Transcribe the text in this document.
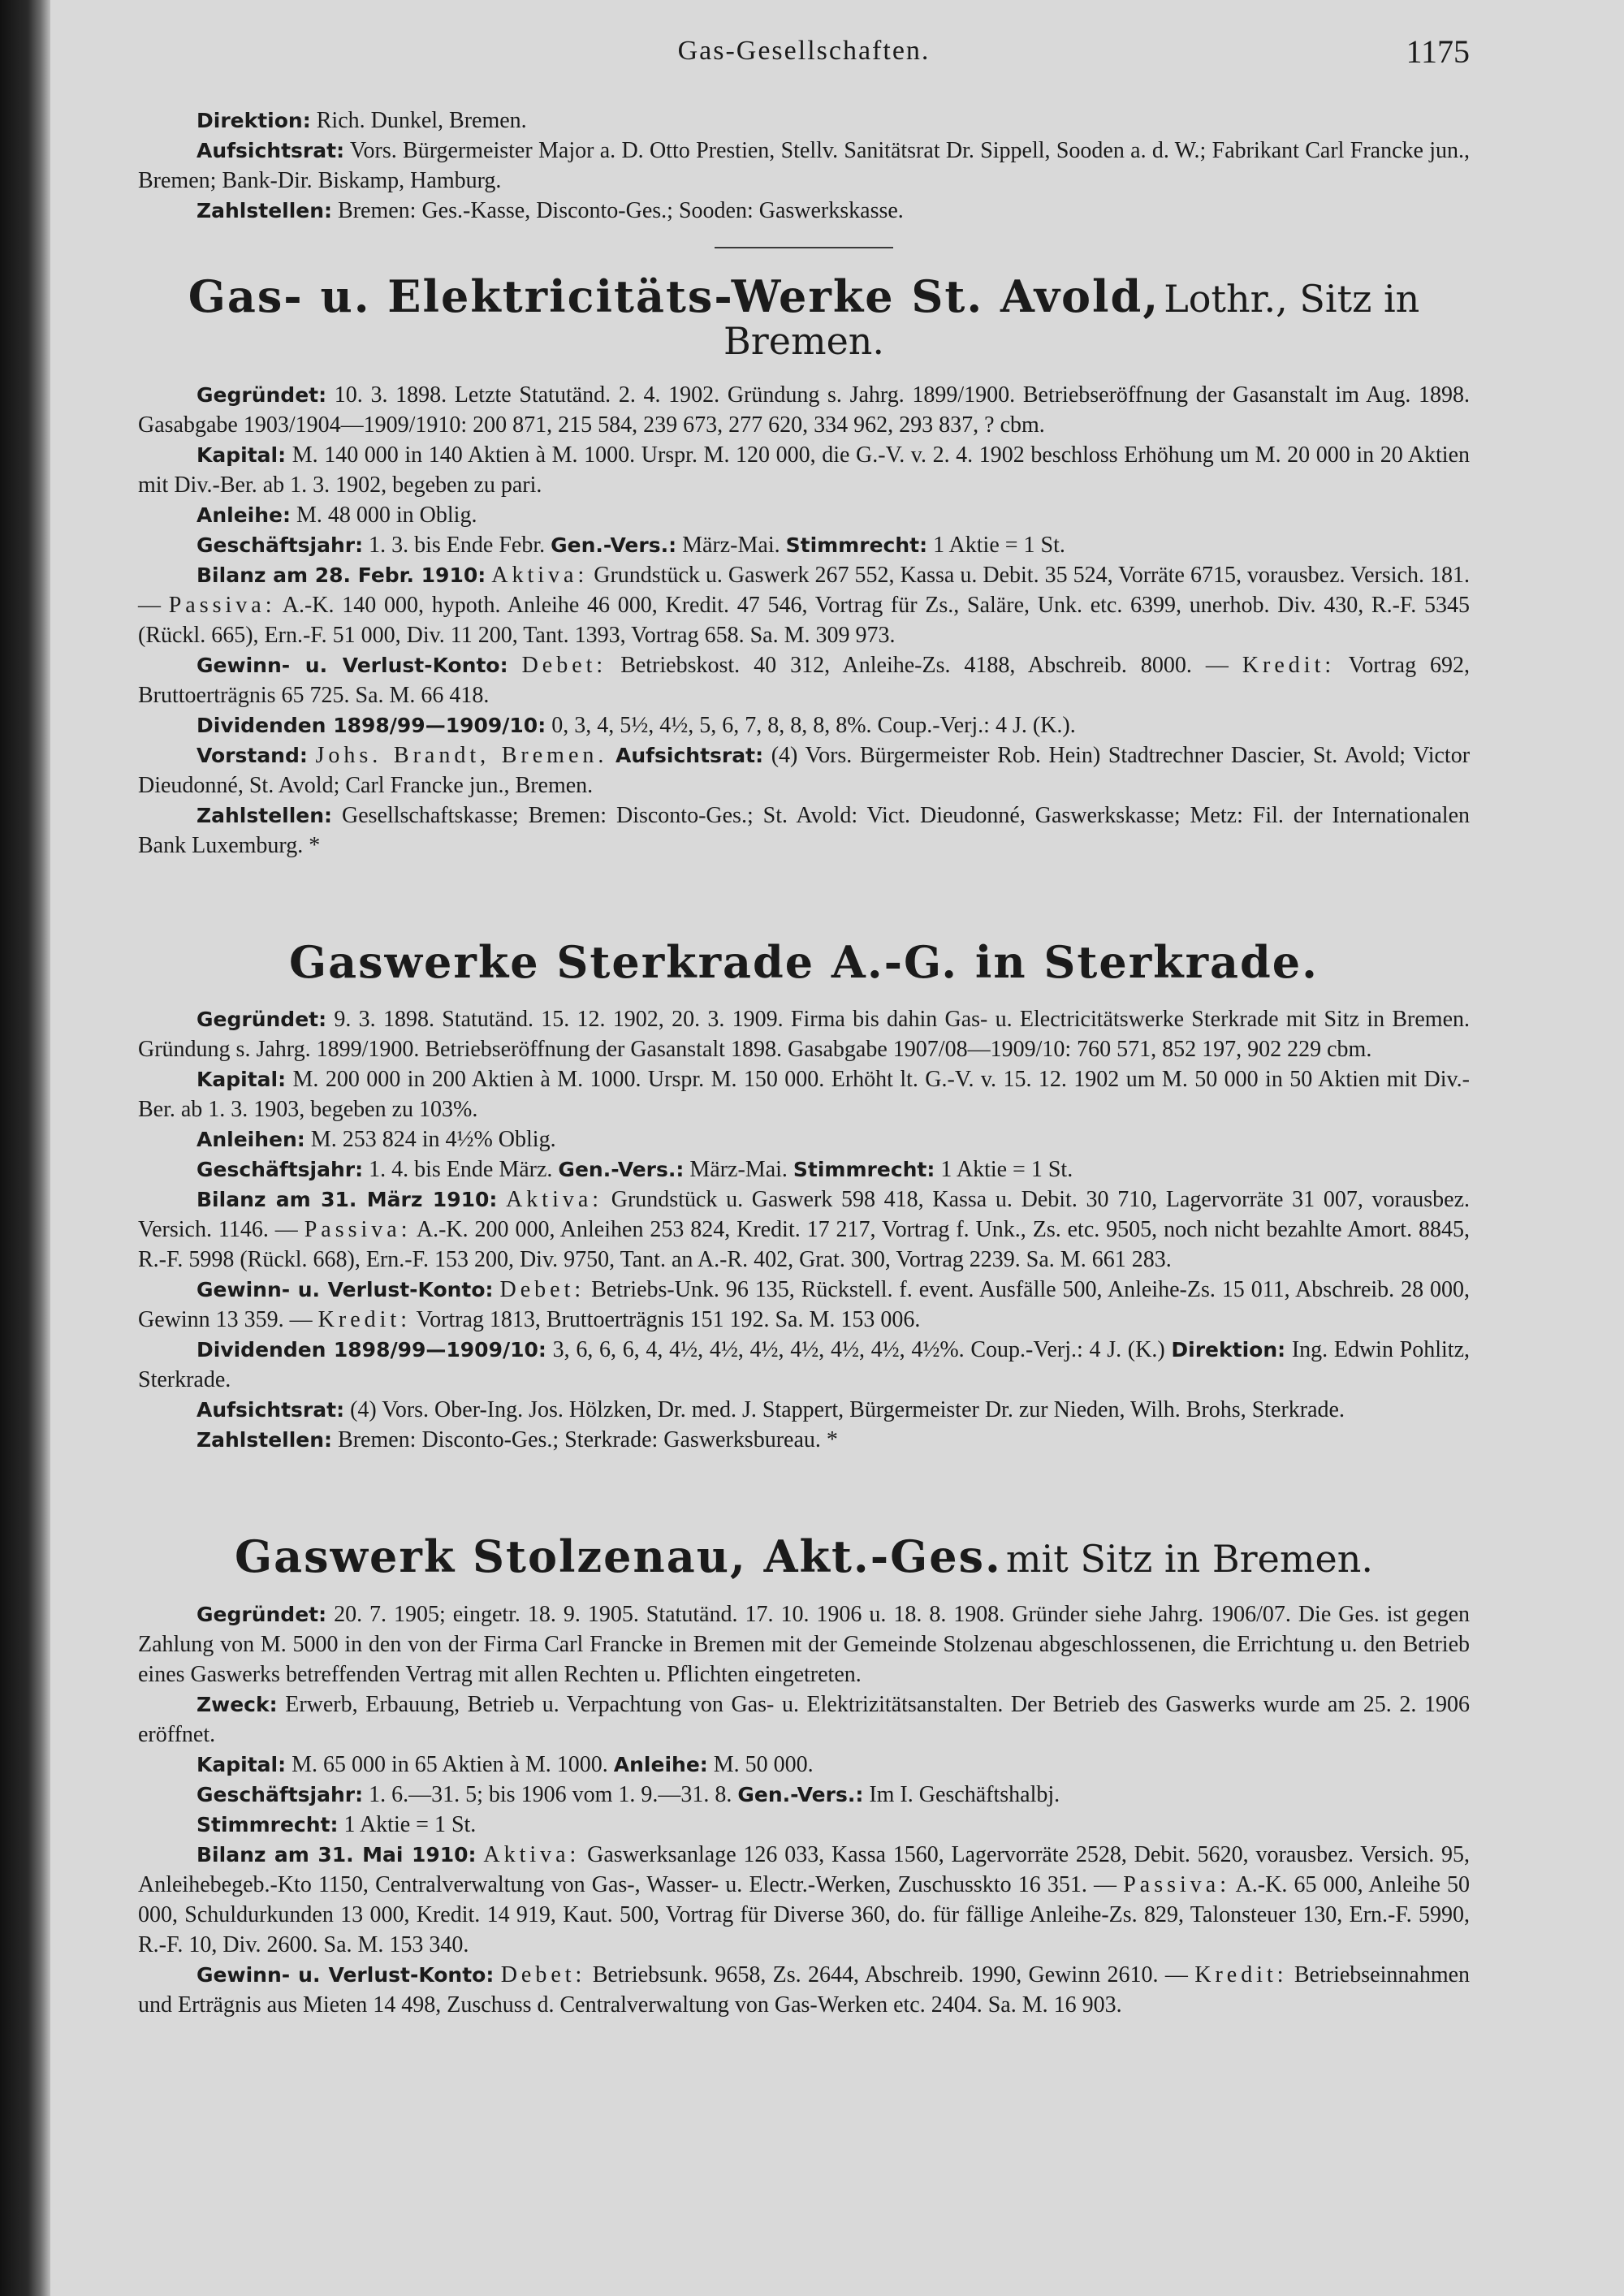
Gas-Gesellschaften.	1175

Direktion: Rich. Dunkel, Bremen.

Aufsichtsrat: Vors. Bürgermeister Major a. D. Otto Prestien, Stellv. Sanitätsrat Dr. Sippell, Sooden a. d. W.; Fabrikant Carl Francke jun., Bremen; Bank-Dir. Biskamp, Hamburg.

Zahlstellen: Bremen: Ges.-Kasse, Disconto-Ges.; Sooden: Gaswerkskasse.

Gas- u. Elektricitäts-Werke St. Avold, Lothr., Sitz in Bremen.

Gegründet: 10. 3. 1898. Letzte Statutänd. 2. 4. 1902. Gründung s. Jahrg. 1899/1900. Betriebseröffnung der Gasanstalt im Aug. 1898. Gasabgabe 1903/1904—1909/1910: 200 871, 215 584, 239 673, 277 620, 334 962, 293 837, ? cbm.

Kapital: M. 140 000 in 140 Aktien à M. 1000. Urspr. M. 120 000, die G.-V. v. 2. 4. 1902 beschloss Erhöhung um M. 20 000 in 20 Aktien mit Div.-Ber. ab 1. 3. 1902, begeben zu pari.

Anleihe: M. 48 000 in Oblig.

Geschäftsjahr: 1. 3. bis Ende Febr. Gen.-Vers.: März-Mai. Stimmrecht: 1 Aktie = 1 St.

Bilanz am 28. Febr. 1910: Aktiva: Grundstück u. Gaswerk 267 552, Kassa u. Debit. 35 524, Vorräte 6715, vorausbez. Versich. 181. — Passiva: A.-K. 140 000, hypoth. Anleihe 46 000, Kredit. 47 546, Vortrag für Zs., Saläre, Unk. etc. 6399, unerhob. Div. 430, R.-F. 5345 (Rückl. 665), Ern.-F. 51 000, Div. 11 200, Tant. 1393, Vortrag 658. Sa. M. 309 973.

Gewinn- u. Verlust-Konto: Debet: Betriebskost. 40 312, Anleihe-Zs. 4188, Abschreib. 8000. — Kredit: Vortrag 692, Bruttoerträgnis 65 725. Sa. M. 66 418.

Dividenden 1898/99—1909/10: 0, 3, 4, 5½, 4½, 5, 6, 7, 8, 8, 8, 8%. Coup.-Verj.: 4 J. (K.).

Vorstand: Johs. Brandt, Bremen. Aufsichtsrat: (4) Vors. Bürgermeister Rob. Hein) Stadtrechner Dascier, St. Avold; Victor Dieudonné, St. Avold; Carl Francke jun., Bremen.

Zahlstellen: Gesellschaftskasse; Bremen: Disconto-Ges.; St. Avold: Vict. Dieudonné, Gaswerkskasse; Metz: Fil. der Internationalen Bank Luxemburg. *

Gaswerke Sterkrade A.-G. in Sterkrade.

Gegründet: 9. 3. 1898. Statutänd. 15. 12. 1902, 20. 3. 1909. Firma bis dahin Gas- u. Electricitätswerke Sterkrade mit Sitz in Bremen. Gründung s. Jahrg. 1899/1900. Betriebseröffnung der Gasanstalt 1898. Gasabgabe 1907/08—1909/10: 760 571, 852 197, 902 229 cbm.

Kapital: M. 200 000 in 200 Aktien à M. 1000. Urspr. M. 150 000. Erhöht lt. G.-V. v. 15. 12. 1902 um M. 50 000 in 50 Aktien mit Div.-Ber. ab 1. 3. 1903, begeben zu 103%.

Anleihen: M. 253 824 in 4½% Oblig.

Geschäftsjahr: 1. 4. bis Ende März. Gen.-Vers.: März-Mai. Stimmrecht: 1 Aktie = 1 St.

Bilanz am 31. März 1910: Aktiva: Grundstück u. Gaswerk 598 418, Kassa u. Debit. 30 710, Lagervorräte 31 007, vorausbez. Versich. 1146. — Passiva: A.-K. 200 000, Anleihen 253 824, Kredit. 17 217, Vortrag f. Unk., Zs. etc. 9505, noch nicht bezahlte Amort. 8845, R.-F. 5998 (Rückl. 668), Ern.-F. 153 200, Div. 9750, Tant. an A.-R. 402, Grat. 300, Vortrag 2239. Sa. M. 661 283.

Gewinn- u. Verlust-Konto: Debet: Betriebs-Unk. 96 135, Rückstell. f. event. Ausfälle 500, Anleihe-Zs. 15 011, Abschreib. 28 000, Gewinn 13 359. — Kredit: Vortrag 1813, Bruttoerträgnis 151 192. Sa. M. 153 006.

Dividenden 1898/99—1909/10: 3, 6, 6, 6, 4, 4½, 4½, 4½, 4½, 4½, 4½, 4½%. Coup.-Verj.: 4 J. (K.) Direktion: Ing. Edwin Pohlitz, Sterkrade.

Aufsichtsrat: (4) Vors. Ober-Ing. Jos. Hölzken, Dr. med. J. Stappert, Bürgermeister Dr. zur Nieden, Wilh. Brohs, Sterkrade.

Zahlstellen: Bremen: Disconto-Ges.; Sterkrade: Gaswerksbureau. *

Gaswerk Stolzenau, Akt.-Ges. mit Sitz in Bremen.

Gegründet: 20. 7. 1905; eingetr. 18. 9. 1905. Statutänd. 17. 10. 1906 u. 18. 8. 1908. Gründer siehe Jahrg. 1906/07. Die Ges. ist gegen Zahlung von M. 5000 in den von der Firma Carl Francke in Bremen mit der Gemeinde Stolzenau abgeschlossenen, die Errichtung u. den Betrieb eines Gaswerks betreffenden Vertrag mit allen Rechten u. Pflichten eingetreten.

Zweck: Erwerb, Erbauung, Betrieb u. Verpachtung von Gas- u. Elektrizitätsanstalten. Der Betrieb des Gaswerks wurde am 25. 2. 1906 eröffnet.

Kapital: M. 65 000 in 65 Aktien à M. 1000. Anleihe: M. 50 000.

Geschäftsjahr: 1. 6.—31. 5; bis 1906 vom 1. 9.—31. 8. Gen.-Vers.: Im I. Geschäftshalbj.

Stimmrecht: 1 Aktie = 1 St.

Bilanz am 31. Mai 1910: Aktiva: Gaswerksanlage 126 033, Kassa 1560, Lagervorräte 2528, Debit. 5620, vorausbez. Versich. 95, Anleihebegeb.-Kto 1150, Centralverwaltung von Gas-, Wasser- u. Electr.-Werken, Zuschusskto 16 351. — Passiva: A.-K. 65 000, Anleihe 50 000, Schuldurkunden 13 000, Kredit. 14 919, Kaut. 500, Vortrag für Diverse 360, do. für fällige Anleihe-Zs. 829, Talonsteuer 130, Ern.-F. 5990, R.-F. 10, Div. 2600. Sa. M. 153 340.

Gewinn- u. Verlust-Konto: Debet: Betriebsunk. 9658, Zs. 2644, Abschreib. 1990, Gewinn 2610. — Kredit: Betriebseinnahmen und Erträgnis aus Mieten 14 498, Zuschuss d. Centralverwaltung von Gas-Werken etc. 2404. Sa. M. 16 903.
